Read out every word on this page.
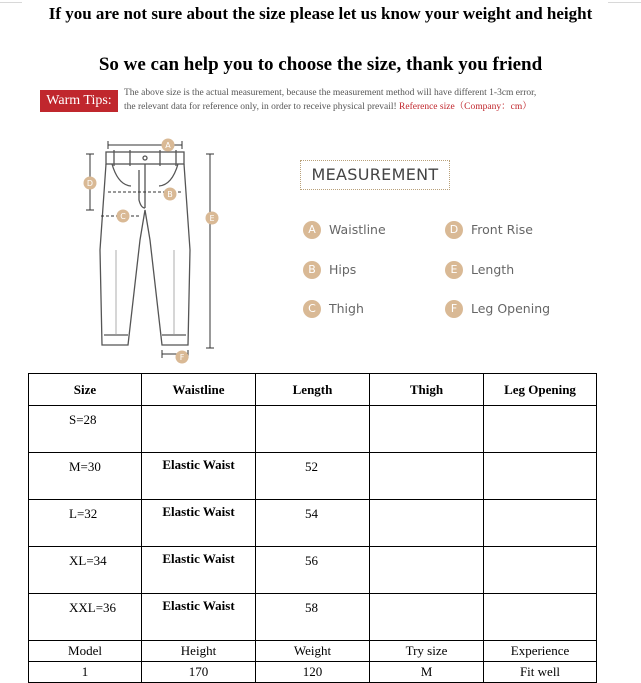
If you are not sure about the size please let us know your weight and height
So we can help you to choose the size, thank you friend
Warm Tips:	The above size is the actual measurement, because the measurement method will have different 1-3cm error,
the relevant data for reference only, in order to receive physical prevail! Reference size（Company：cm）
A
B
C
D
E
F
MEASUREMENT
A	Waistline	D	Front Rise
B	Hips	E	Length
C	Thigh	F	Leg Opening
Size	Waistline	Length	Thigh	Leg Opening
S=28				
M=30	Elastic Waist	52		
L=32	Elastic Waist	54		
XL=34	Elastic Waist	56		
XXL=36	Elastic Waist	58		
Model	Height	Weight	Try size	Experience
1	170	120	M	Fit well
